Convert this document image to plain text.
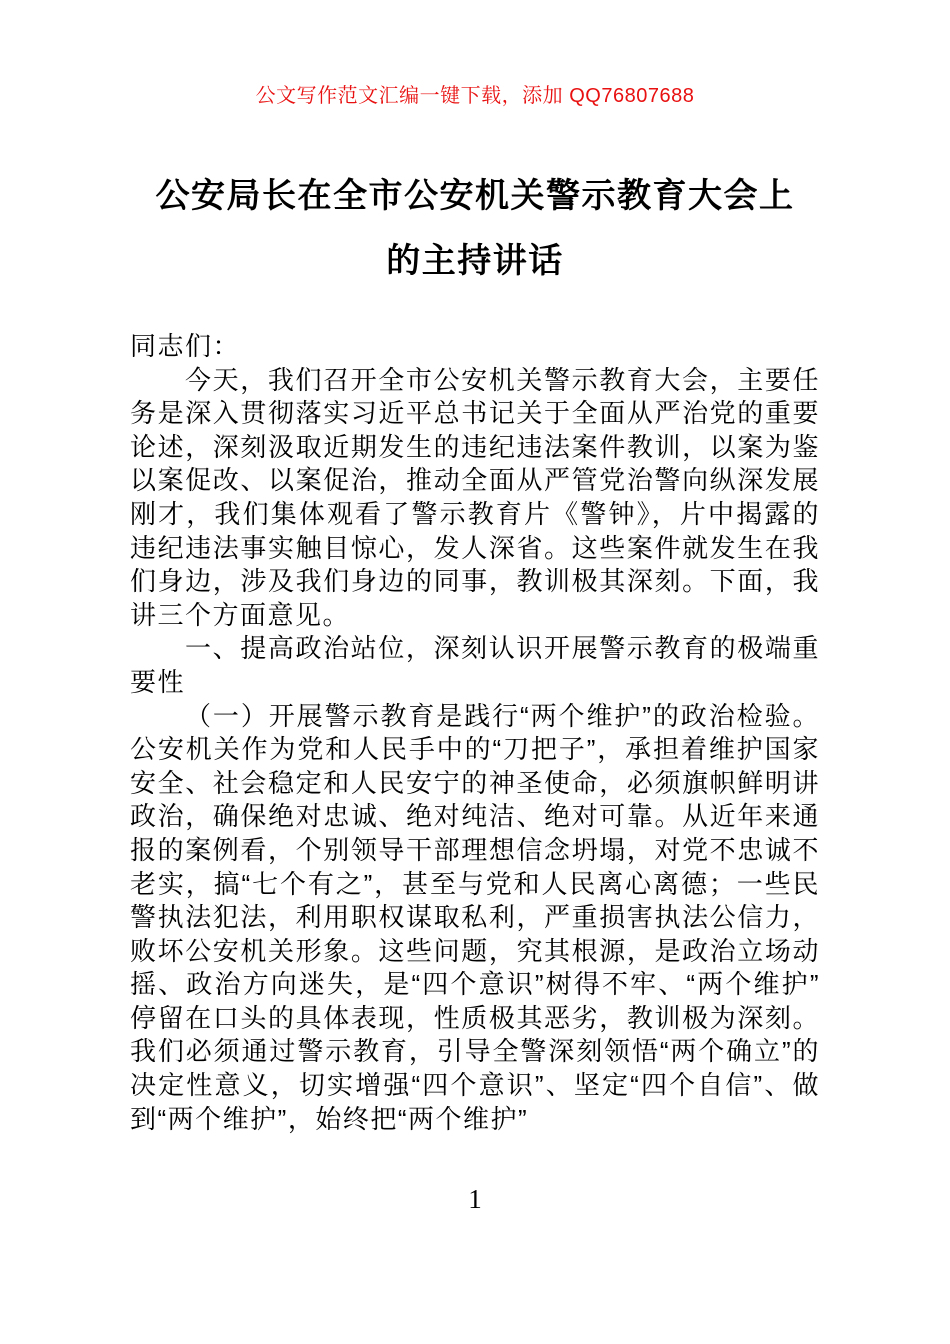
公文写作范文汇编一键下载，添加 QQ76807688
公安局长在全市公安机关警示教育大会上
的主持讲话

同志们：

今天，我们召开全市公安机关警示教育大会，主要任务是深入贯彻落实习近平总书记关于全面从严治党的重要论述，深刻汲取近期发生的违纪违法案件教训，以案为鉴以案促改、以案促治，推动全面从严管党治警向纵深发展刚才，我们集体观看了警示教育片《警钟》，片中揭露的违纪违法事实触目惊心，发人深省。这些案件就发生在我们身边，涉及我们身边的同事，教训极其深刻。下面，我讲三个方面意见。

一、提高政治站位，深刻认识开展警示教育的极端重要性

（一）开展警示教育是践行“两个维护”的政治检验。公安机关作为党和人民手中的“刀把子”，承担着维护国家安全、社会稳定和人民安宁的神圣使命，必须旗帜鲜明讲政治，确保绝对忠诚、绝对纯洁、绝对可靠。从近年来通报的案例看，个别领导干部理想信念坍塌，对党不忠诚不老实，搞“七个有之”，甚至与党和人民离心离德；一些民警执法犯法，利用职权谋取私利，严重损害执法公信力，败坏公安机关形象。这些问题，究其根源，是政治立场动摇、政治方向迷失，是“四个意识”树得不牢、“两个维护”停留在口头的具体表现，性质极其恶劣，教训极为深刻。我们必须通过警示教育，引导全警深刻领悟“两个确立”的决定性意义，切实增强“四个意识”、坚定“四个自信”、做到“两个维护”，始终把“两个维护”

1
